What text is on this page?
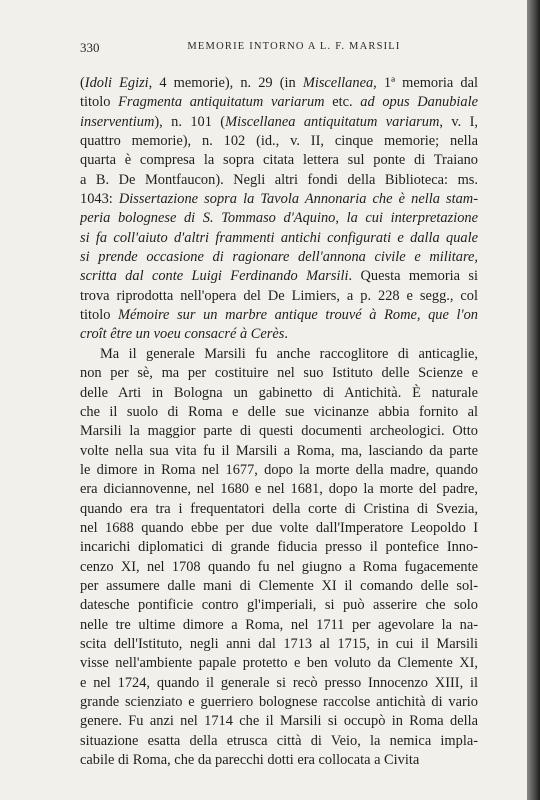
330	MEMORIE INTORNO A L. F. MARSILI
(Idoli Egizi, 4 memorie), n. 29 (in Miscellanea, 1ª memoria dal
titolo Fragmenta antiquitatum variarum etc. ad opus Danubiale
inserventium), n. 101 (Miscellanea antiquitatum variarum, v. I,
quattro memorie), n. 102 (id., v. II, cinque memorie; nella
quarta è compresa la sopra citata lettera sul ponte di Traiano
a B. De Montfaucon). Negli altri fondi della Biblioteca: ms.
1043: Dissertazione sopra la Tavola Annonaria che è nella stam-
peria bolognese di S. Tommaso d'Aquino, la cui interpretazione
si fa coll'aiuto d'altri frammenti antichi configurati e dalla quale
si prende occasione di ragionare dell'annona civile e militare,
scritta dal conte Luigi Ferdinando Marsili. Questa memoria si
trova riprodotta nell'opera del De Limiers, a p. 228 e segg., col
titolo Mémoire sur un marbre antique trouvé à Rome, que l'on
croît être un voeu consacré à Cerès.
Ma il generale Marsili fu anche raccoglitore di anticaglie,
non per sè, ma per costituire nel suo Istituto delle Scienze e
delle Arti in Bologna un gabinetto di Antichità. È naturale
che il suolo di Roma e delle sue vicinanze abbia fornito al
Marsili la maggior parte di questi documenti archeologici. Otto
volte nella sua vita fu il Marsili a Roma, ma, lasciando da parte
le dimore in Roma nel 1677, dopo la morte della madre, quando
era diciannovenne, nel 1680 e nel 1681, dopo la morte del padre,
quando era tra i frequentatori della corte di Cristina di Svezia,
nel 1688 quando ebbe per due volte dall'Imperatore Leopoldo I
incarichi diplomatici di grande fiducia presso il pontefice Inno-
cenzo XI, nel 1708 quando fu nel giugno a Roma fugacemente
per assumere dalle mani di Clemente XI il comando delle sol-
datesche pontificie contro gl'imperiali, si può asserire che solo
nelle tre ultime dimore a Roma, nel 1711 per agevolare la na-
scita dell'Istituto, negli anni dal 1713 al 1715, in cui il Marsili
visse nell'ambiente papale protetto e ben voluto da Clemente XI,
e nel 1724, quando il generale si recò presso Innocenzo XIII, il
grande scienziato e guerriero bolognese raccolse antichità di vario
genere. Fu anzi nel 1714 che il Marsili si occupò in Roma della
situazione esatta della etrusca città di Veio, la nemica impla-
cabile di Roma, che da parecchi dotti era collocata a Civita
